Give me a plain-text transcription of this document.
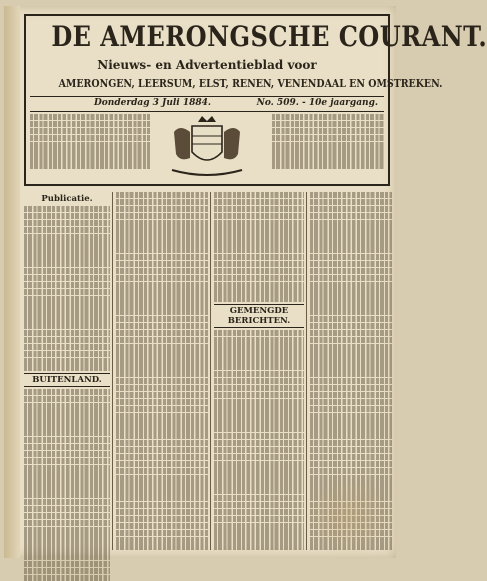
DE AMERONGSCHE COURANT.
Nieuws- en Advertentieblad voor
AMERONGEN, LEERSUM, ELST, RENEN, VENENDAAL EN OMSTREKEN.
Donderdag 3 Juli 1884.	No. 509. - 10e jaargang.
Publicatie.
BUITENLAND.
GEMENGDE BERICHTEN.
